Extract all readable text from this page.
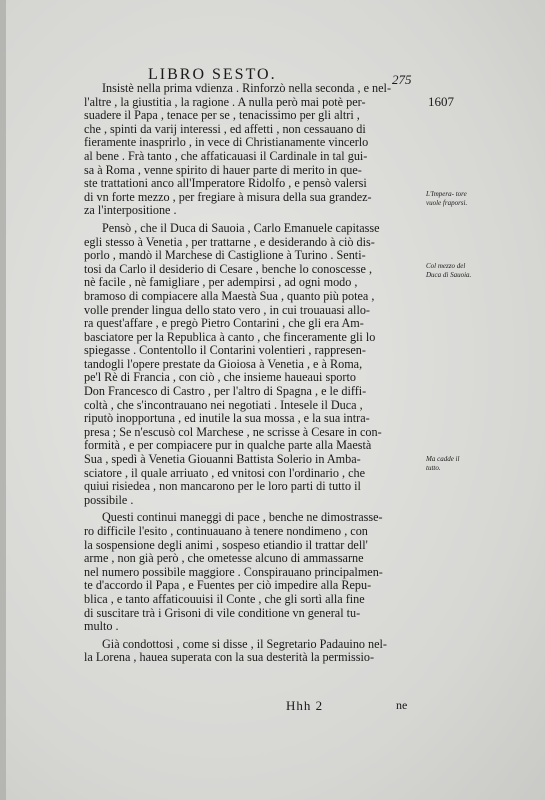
LIBRO SESTO.	275
1607

Insistè nella prima vdienza . Rinforzò nella seconda , e nel-
l'altre , la giustitia , la ragione . A nulla però mai potè per-
suadere il Papa , tenace per se , tenacissimo per gli altri ,
che , spinti da varij interessi , ed affetti , non cessauano di
fieramente inasprirlo , in vece di Christianamente vincerlo
al bene . Frà tanto , che affaticauasi il Cardinale in tal gui-
sa à Roma , venne spirito di hauer parte di merito in que-
ste trattationi anco all'Imperatore Ridolfo , e pensò valersi
di vn forte mezzo , per fregiare à misura della sua grandez-
za l'interpositione .

Pensò , che il Duca di Sauoia , Carlo Emanuele capitasse
egli stesso à Venetia , per trattarne , e desiderando à ciò dis-
porlo , mandò il Marchese di Castiglione à Turino . Senti-
tosi da Carlo il desiderio di Cesare , benche lo conoscesse ,
nè facile , nè famigliare , per adempirsi , ad ogni modo ,
bramoso di compiacere alla Maestà Sua , quanto più potea ,
volle prender lingua dello stato vero , in cui trouauasi allo-
ra quest'affare , e pregò Pietro Contarini , che gli era Am-
basciatore per la Republica à canto , che finceramente gli lo
spiegasse . Contentollo il Contarini volentieri , rappresen-
tandogli l'opere prestate da Gioiosa à Venetia , e à Roma,
pe'l Rè di Francia , con ciò , che insieme haueaui sporto
Don Francesco di Castro , per l'altro di Spagna , e le diffi-
coltà , che s'incontrauano nei negotiati . Intesele il Duca ,
riputò inopportuna , ed inutile la sua mossa , e la sua intra-
presa ; Se n'escusò col Marchese , ne scrisse à Cesare in con-
formità , e per compiacere pur in qualche parte alla Maestà
Sua , spedì à Venetia Giouanni Battista Solerio in Amba-
sciatore , il quale arriuato , ed vnitosi con l'ordinario , che
quiui risiedea , non mancarono per le loro parti di tutto il
possibile .

Questi continui maneggi di pace , benche ne dimostrasse-
ro difficile l'esito , continuauano à tenere nondimeno , con
la sospensione degli animi , sospeso etiandio il trattar dell'
arme , non già però , che ometesse alcuno di ammassarne
nel numero possibile maggiore . Conspirauano principalmen-
te d'accordo il Papa , e Fuentes per ciò impedire alla Repu-
blica , e tanto affaticouuisi il Conte , che gli sortì alla fine
di suscitare trà i Grisoni di vile conditione vn general tu-
multo .

Già condottosi , come si disse , il Segretario Padauino nel-
la Lorena , hauea superata con la sua desterità la permissio-

L'Impera- tore vuole fraporsi.
Col mezzo del Duca di Sauoia.
Ma cadde il tutto.
Hhh 2	ne
